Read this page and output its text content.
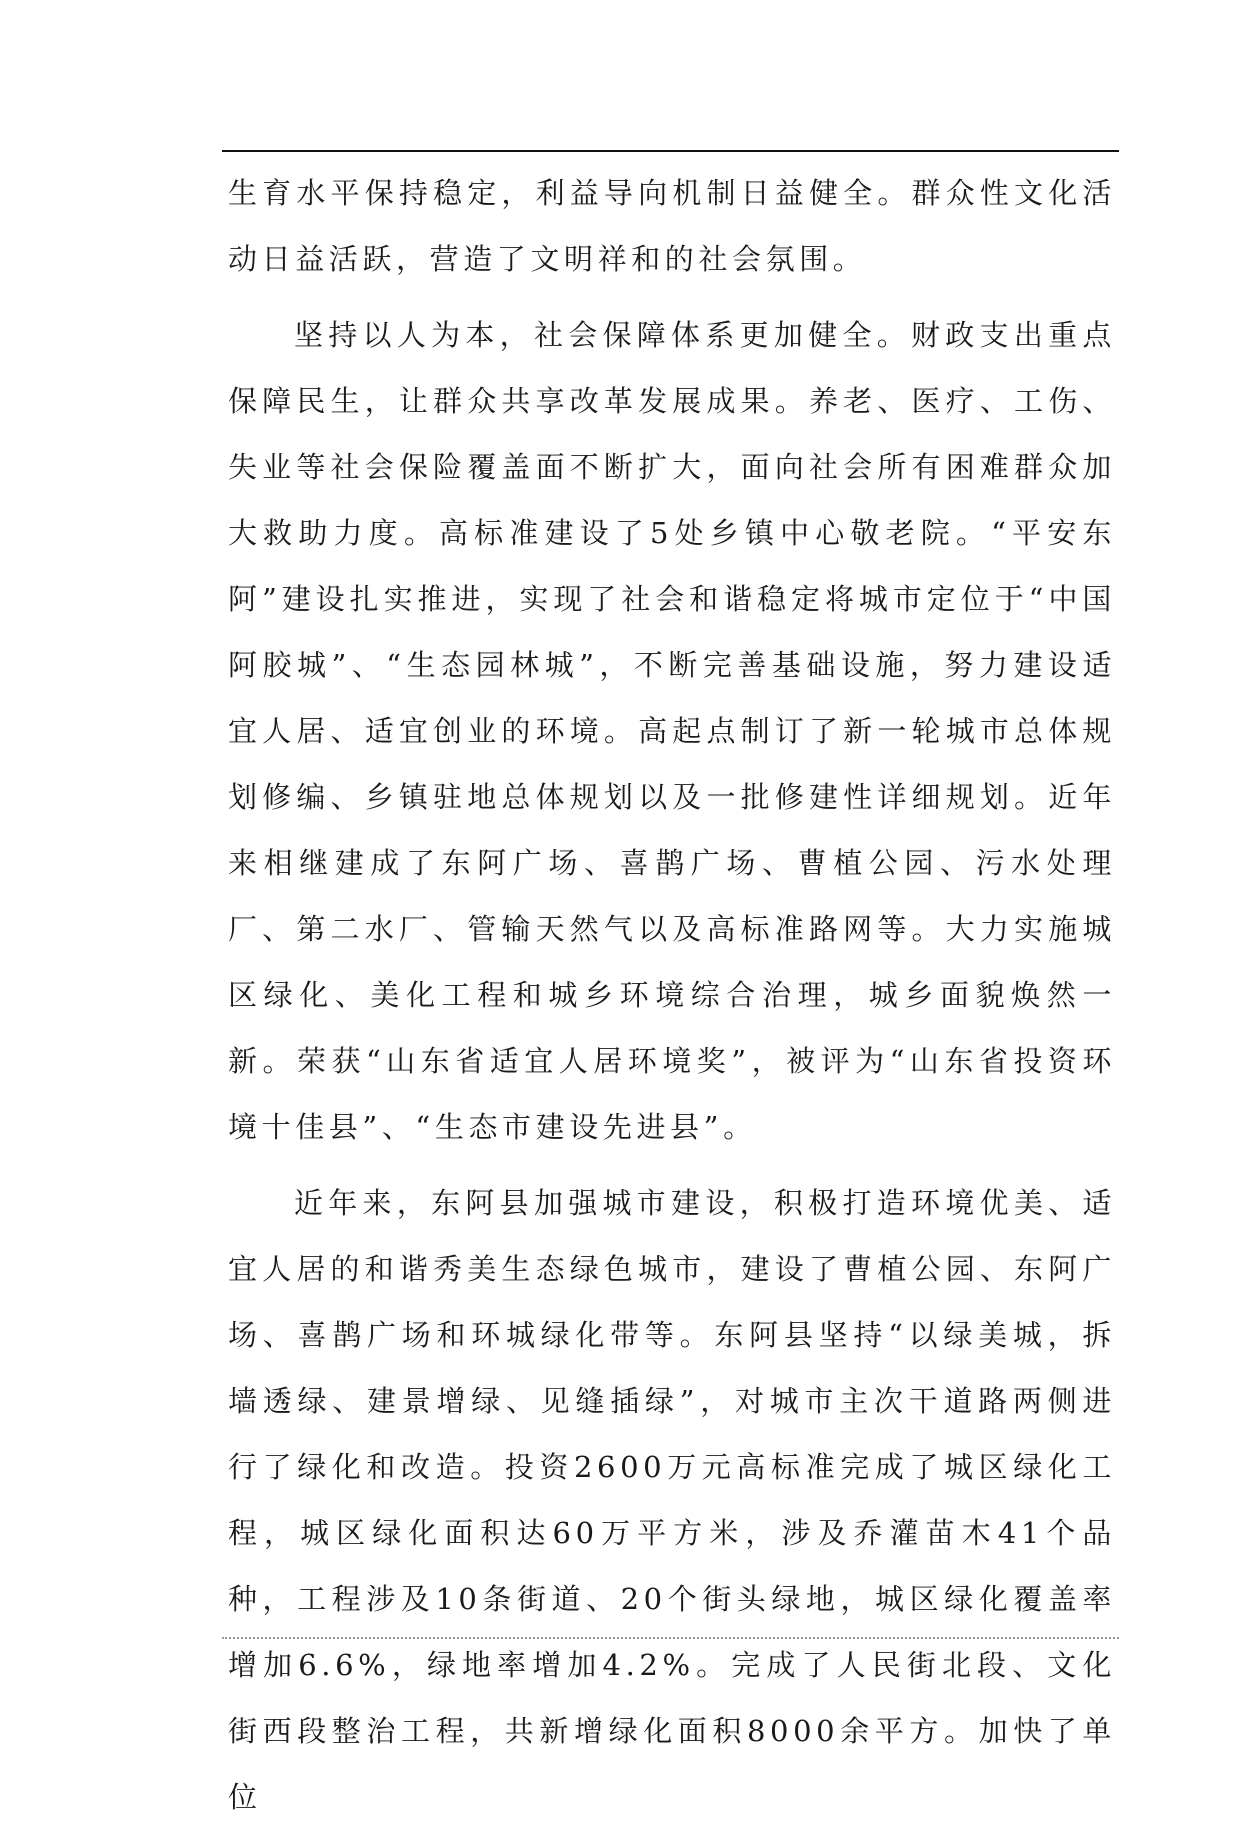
生育水平保持稳定，利益导向机制日益健全。群众性文化活动日益活跃，营造了文明祥和的社会氛围。

坚持以人为本，社会保障体系更加健全。财政支出重点保障民生，让群众共享改革发展成果。养老、医疗、工伤、失业等社会保险覆盖面不断扩大，面向社会所有困难群众加大救助力度。高标准建设了5处乡镇中心敬老院。“平安东阿”建设扎实推进，实现了社会和谐稳定将城市定位于“中国阿胶城”、“生态园林城”，不断完善基础设施，努力建设适宜人居、适宜创业的环境。高起点制订了新一轮城市总体规划修编、乡镇驻地总体规划以及一批修建性详细规划。近年来相继建成了东阿广场、喜鹊广场、曹植公园、污水处理厂、第二水厂、管输天然气以及高标准路网等。大力实施城区绿化、美化工程和城乡环境综合治理，城乡面貌焕然一新。荣获“山东省适宜人居环境奖”，被评为“山东省投资环境十佳县”、“生态市建设先进县”。

近年来，东阿县加强城市建设，积极打造环境优美、适宜人居的和谐秀美生态绿色城市，建设了曹植公园、东阿广场、喜鹊广场和环城绿化带等。东阿县坚持“以绿美城，拆墙透绿、建景增绿、见缝插绿”，对城市主次干道路两侧进行了绿化和改造。投资2600万元高标准完成了城区绿化工程，城区绿化面积达60万平方米，涉及乔灌苗木41个品种，工程涉及10条街道、20个街头绿地，城区绿化覆盖率增加6.6%，绿地率增加4.2%。完成了人民街北段、文化街西段整治工程，共新增绿化面积8000余平方。加快了单位
